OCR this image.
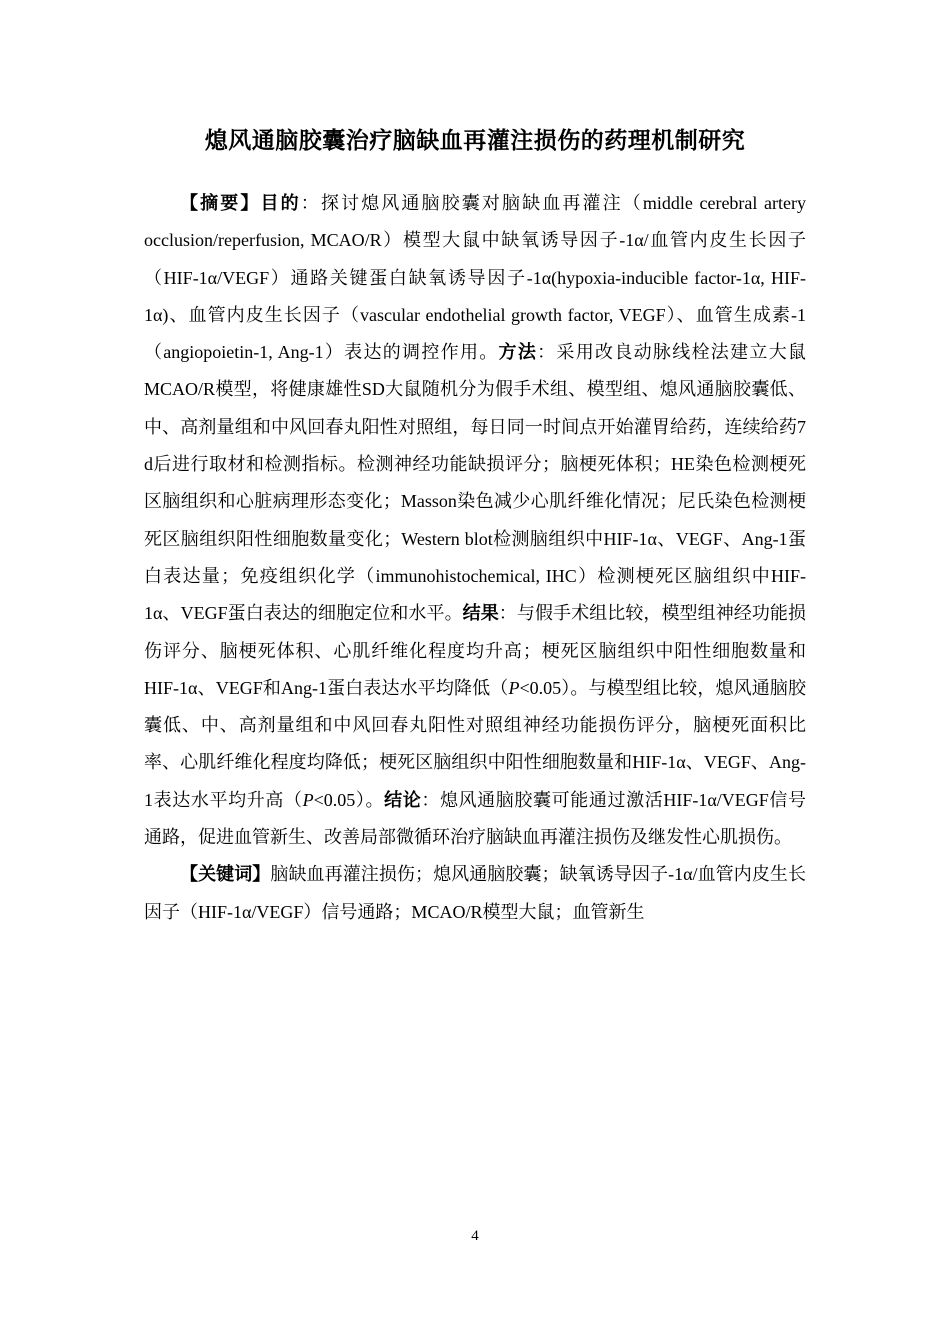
熄风通脑胶囊治疗脑缺血再灌注损伤的药理机制研究

【摘要】目的：探讨熄风通脑胶囊对脑缺血再灌注（middle cerebral artery occlusion/reperfusion, MCAO/R）模型大鼠中缺氧诱导因子-1α/血管内皮生长因子（HIF-1α/VEGF）通路关键蛋白缺氧诱导因子-1α(hypoxia-inducible factor-1α, HIF-1α)、血管内皮生长因子（vascular endothelial growth factor, VEGF）、血管生成素-1（angiopoietin-1, Ang-1）表达的调控作用。方法：采用改良动脉线栓法建立大鼠MCAO/R模型，将健康雄性SD大鼠随机分为假手术组、模型组、熄风通脑胶囊低、中、高剂量组和中风回春丸阳性对照组，每日同一时间点开始灌胃给药，连续给药7 d后进行取材和检测指标。检测神经功能缺损评分；脑梗死体积；HE染色检测梗死区脑组织和心脏病理形态变化；Masson染色减少心肌纤维化情况；尼氏染色检测梗死区脑组织阳性细胞数量变化；Western blot检测脑组织中HIF-1α、VEGF、Ang-1蛋白表达量；免疫组织化学（immunohistochemical, IHC）检测梗死区脑组织中HIF-1α、VEGF蛋白表达的细胞定位和水平。结果：与假手术组比较，模型组神经功能损伤评分、脑梗死体积、心肌纤维化程度均升高；梗死区脑组织中阳性细胞数量和HIF-1α、VEGF和Ang-1蛋白表达水平均降低（P<0.05）。与模型组比较，熄风通脑胶囊低、中、高剂量组和中风回春丸阳性对照组神经功能损伤评分，脑梗死面积比率、心肌纤维化程度均降低；梗死区脑组织中阳性细胞数量和HIF-1α、VEGF、Ang-1表达水平均升高（P<0.05）。结论：熄风通脑胶囊可能通过激活HIF-1α/VEGF信号通路，促进血管新生、改善局部微循环治疗脑缺血再灌注损伤及继发性心肌损伤。

【关键词】脑缺血再灌注损伤；熄风通脑胶囊；缺氧诱导因子-1α/血管内皮生长因子（HIF-1α/VEGF）信号通路；MCAO/R模型大鼠；血管新生

4
